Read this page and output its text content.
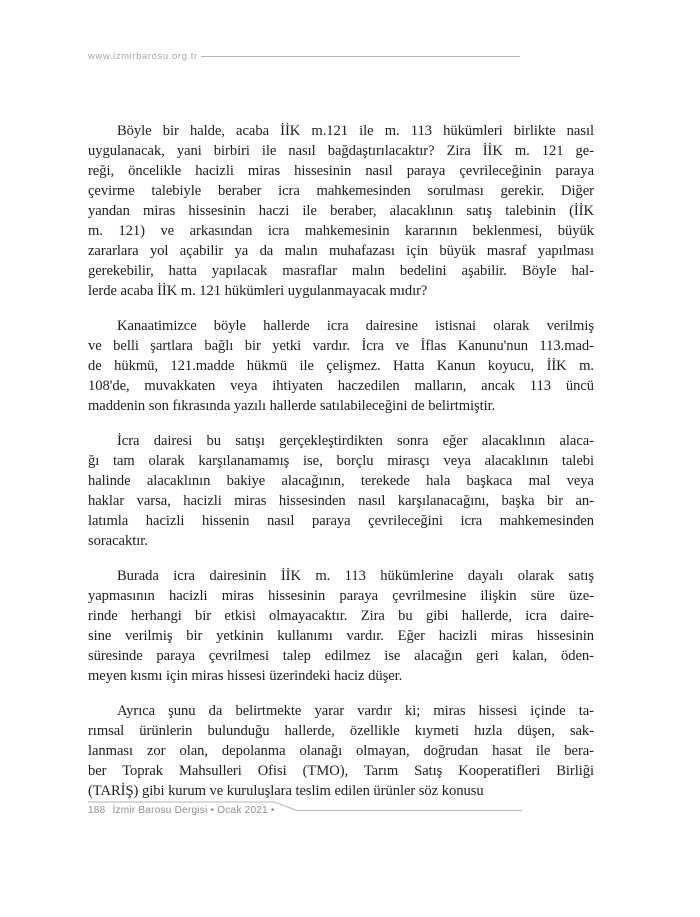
www.izmirbarosu.org.tr
Böyle bir halde, acaba İİK m.121 ile m. 113 hükümleri birlikte nasıl
uygulanacak, yani birbiri ile nasıl bağdaştırılacaktır? Zira İİK m. 121 ge-
reği, öncelikle hacizli miras hissesinin nasıl paraya çevrileceğinin paraya
çevirme talebiyle beraber icra mahkemesinden sorulması gerekir. Diğer
yandan miras hissesinin haczi ile beraber, alacaklının satış talebinin (İİK
m. 121) ve arkasından icra mahkemesinin kararının beklenmesi, büyük
zararlara yol açabilir ya da malın muhafazası için büyük masraf yapılması
gerekebilir, hatta yapılacak masraflar malın bedelini aşabilir. Böyle hal-
lerde acaba İİK m. 121 hükümleri uygulanmayacak mıdır?
Kanaatimizce böyle hallerde icra dairesine istisnai olarak verilmiş
ve belli şartlara bağlı bir yetki vardır. İcra ve İflas Kanunu'nun 113.mad-
de hükmü, 121.madde hükmü ile çelişmez. Hatta Kanun koyucu, İİK m.
108'de, muvakkaten veya ihtiyaten haczedilen malların, ancak 113 üncü
maddenin son fıkrasında yazılı hallerde satılabileceğini de belirtmiştir.
İcra dairesi bu satışı gerçekleştirdikten sonra eğer alacaklının alaca-
ğı tam olarak karşılanamamış ise, borçlu mirasçı veya alacaklının talebi
halinde alacaklının bakiye alacağının, terekede hala başkaca mal veya
haklar varsa, hacizli miras hissesinden nasıl karşılanacağını, başka bir an-
latımla hacizli hissenin nasıl paraya çevrileceğini icra mahkemesinden
soracaktır.
Burada icra dairesinin İİK m. 113 hükümlerine dayalı olarak satış
yapmasının hacizli miras hissesinin paraya çevrilmesine ilişkin süre üze-
rinde herhangi bir etkisi olmayacaktır. Zira bu gibi hallerde, icra daire-
sine verilmiş bir yetkinin kullanımı vardır. Eğer hacizli miras hissesinin
süresinde paraya çevrilmesi talep edilmez ise alacağın geri kalan, öden-
meyen kısmı için miras hissesi üzerindeki haciz düşer.
Ayrıca şunu da belirtmekte yarar vardır ki; miras hissesi içinde ta-
rımsal ürünlerin bulunduğu hallerde, özellikle kıymeti hızla düşen, sak-
lanması zor olan, depolanma olanağı olmayan, doğrudan hasat ile bera-
ber Toprak Mahsulleri Ofisi (TMO), Tarım Satış Kooperatifleri Birliği
(TARİŞ) gibi kurum ve kuruluşlara teslim edilen ürünler söz konusu
188 İzmir Barosu Dergisi • Ocak 2021 •
